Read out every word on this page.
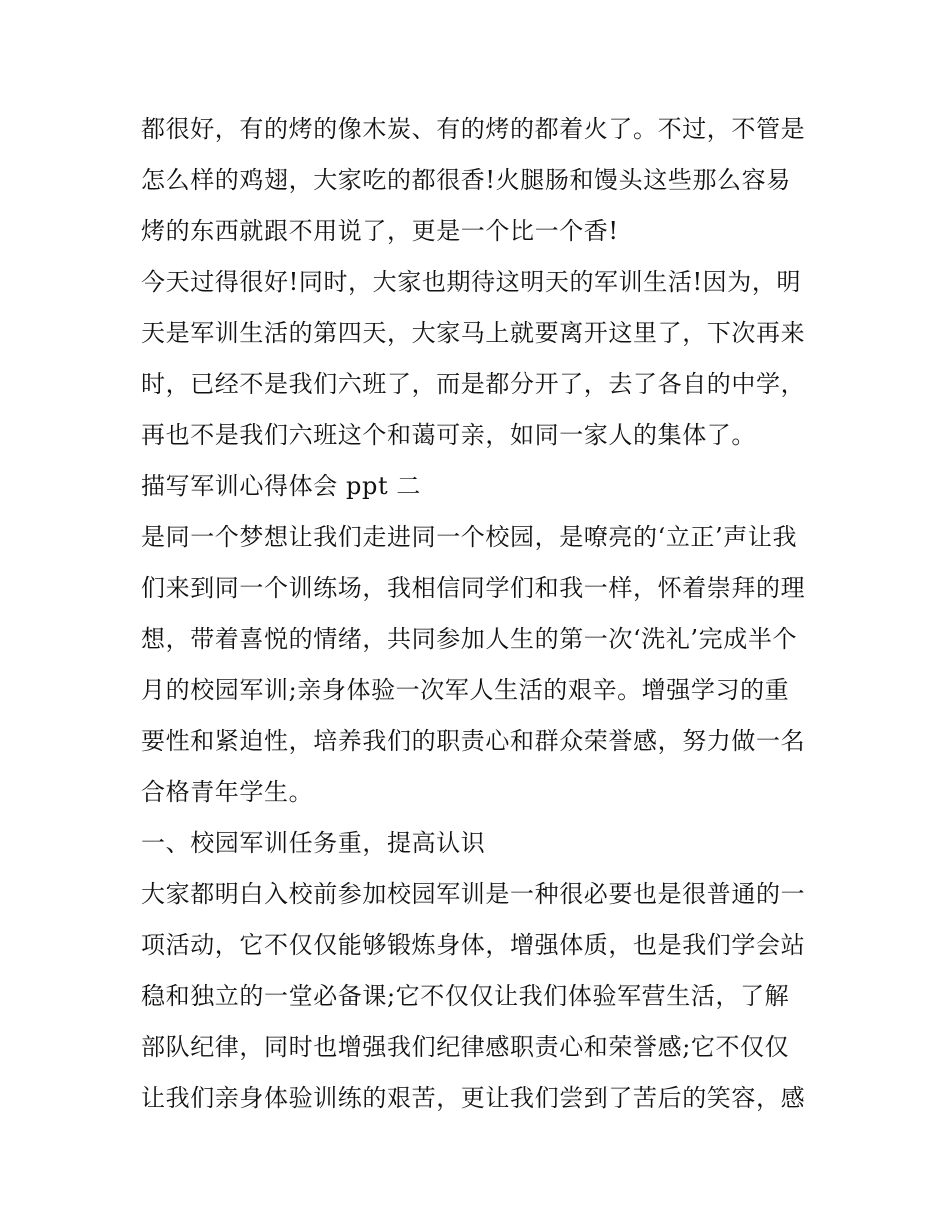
都很好，有的烤的像木炭、有的烤的都着火了。不过，不管是
怎么样的鸡翅，大家吃的都很香!火腿肠和馒头这些那么容易
烤的东西就跟不用说了，更是一个比一个香!
今天过得很好!同时，大家也期待这明天的军训生活!因为，明
天是军训生活的第四天，大家马上就要离开这里了，下次再来
时，已经不是我们六班了，而是都分开了，去了各自的中学，
再也不是我们六班这个和蔼可亲，如同一家人的集体了。
描写军训心得体会 ppt 二
是同一个梦想让我们走进同一个校园，是嘹亮的‘立正’声让我
们来到同一个训练场，我相信同学们和我一样，怀着崇拜的理
想，带着喜悦的情绪，共同参加人生的第一次‘洗礼’完成半个
月的校园军训;亲身体验一次军人生活的艰辛。增强学习的重
要性和紧迫性，培养我们的职责心和群众荣誉感，努力做一名
合格青年学生。
一、校园军训任务重，提高认识
大家都明白入校前参加校园军训是一种很必要也是很普通的一
项活动，它不仅仅能够锻炼身体，增强体质，也是我们学会站
稳和独立的一堂必备课;它不仅仅让我们体验军营生活，了解
部队纪律，同时也增强我们纪律感职责心和荣誉感;它不仅仅
让我们亲身体验训练的艰苦，更让我们尝到了苦后的笑容，感
